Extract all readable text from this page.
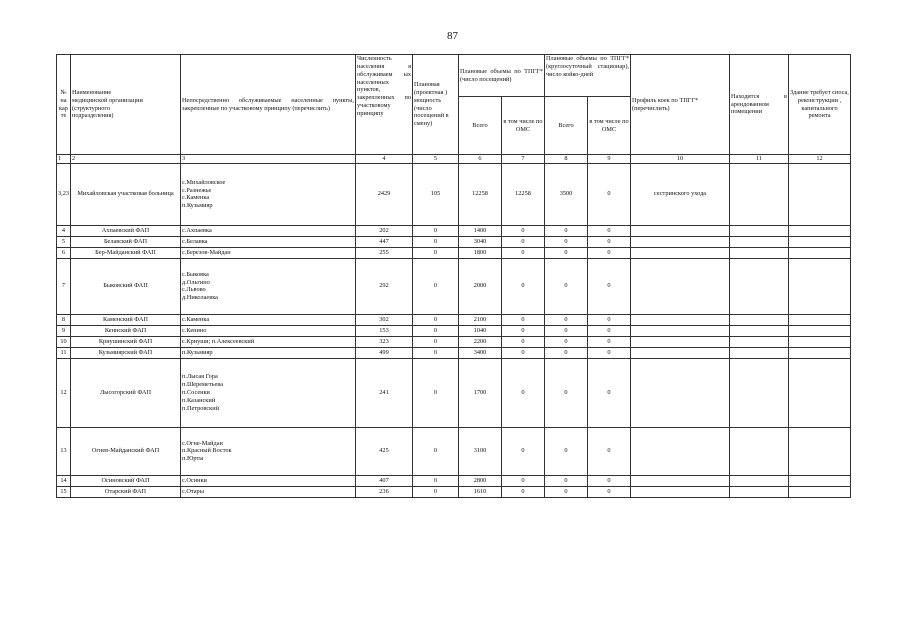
87
№
на
кар
те	Наименование
медицинской организации
(структурного
подразделения)	Непосредственно обслуживаемые населенные пункты, закрепленные по участковому принципу (перечислить)	Численность населения я обслуживаем ых населенных пунктов, закрепленных по участковому принципу	Плановая (проектная ) мощность (число посещений в смену)	Плановые объемы по ТПГГ* (число посещений)		Плановые объемы по ТПГГ* (круглосуточный стационар), число койко-дней		Профиль коек по ТПГГ* (перечислить)	Находится в арендованном помещении	Здание требует сноса, реконструкции , капитального ремонта
					Всего	в том числе по ОМС	Всего	в том числе по ОМС			
1	2	3	4	5	6	7	8	9	10	11	12
3,23	Михайловская участковая больница	с.Михайловское
с.Разнежье
с.Каменка
п.Кузьмияр	2429	105	12258	12258	3500	0	сестринского ухода		
4	Ахпаевский ФАП	с.Ахпаевка	202	0	1400	0	0	0			
5	Белавский ФАП	с.Белавка	447	0	3040	0	0	0			
6	Бер-Майданский ФАП	с.Березов-Майдан	255	0	1800	0	0	0			
7	Быковский ФАП	с.Быковка
д.Ольгино
с.Львово
д.Николаевка	292	0	2000	0	0	0			
8	Каменский ФАП	с.Каменка	302	0	2100	0	0	0			
9	Кеннский ФАП	с.Кенино	153	0	1040	0	0	0			
10	Криушинский ФАП	с.Криуши; п.Алексеевский	323	0	2200	0	0	0			
11	Кузьмиярский ФАП	п.Кузьмияр	499	0	3400	0	0	0			
12	Лысогорский ФАП	п.Лысая Гора
п.Шереметьева
п.Сосенки
п.Казанский
п.Петровский	241	0	1700	0	0	0			
13	Огнев-Майданский ФАП	с.Огне-Майдан
п.Красный Восток
п.Юрты	425	0	3100	0	0	0			
14	Осиновский ФАП	с.Осинки	407	0	2800	0	0	0			
15	Отарский ФАП	с.Отары	236	0	1610	0	0	0			
